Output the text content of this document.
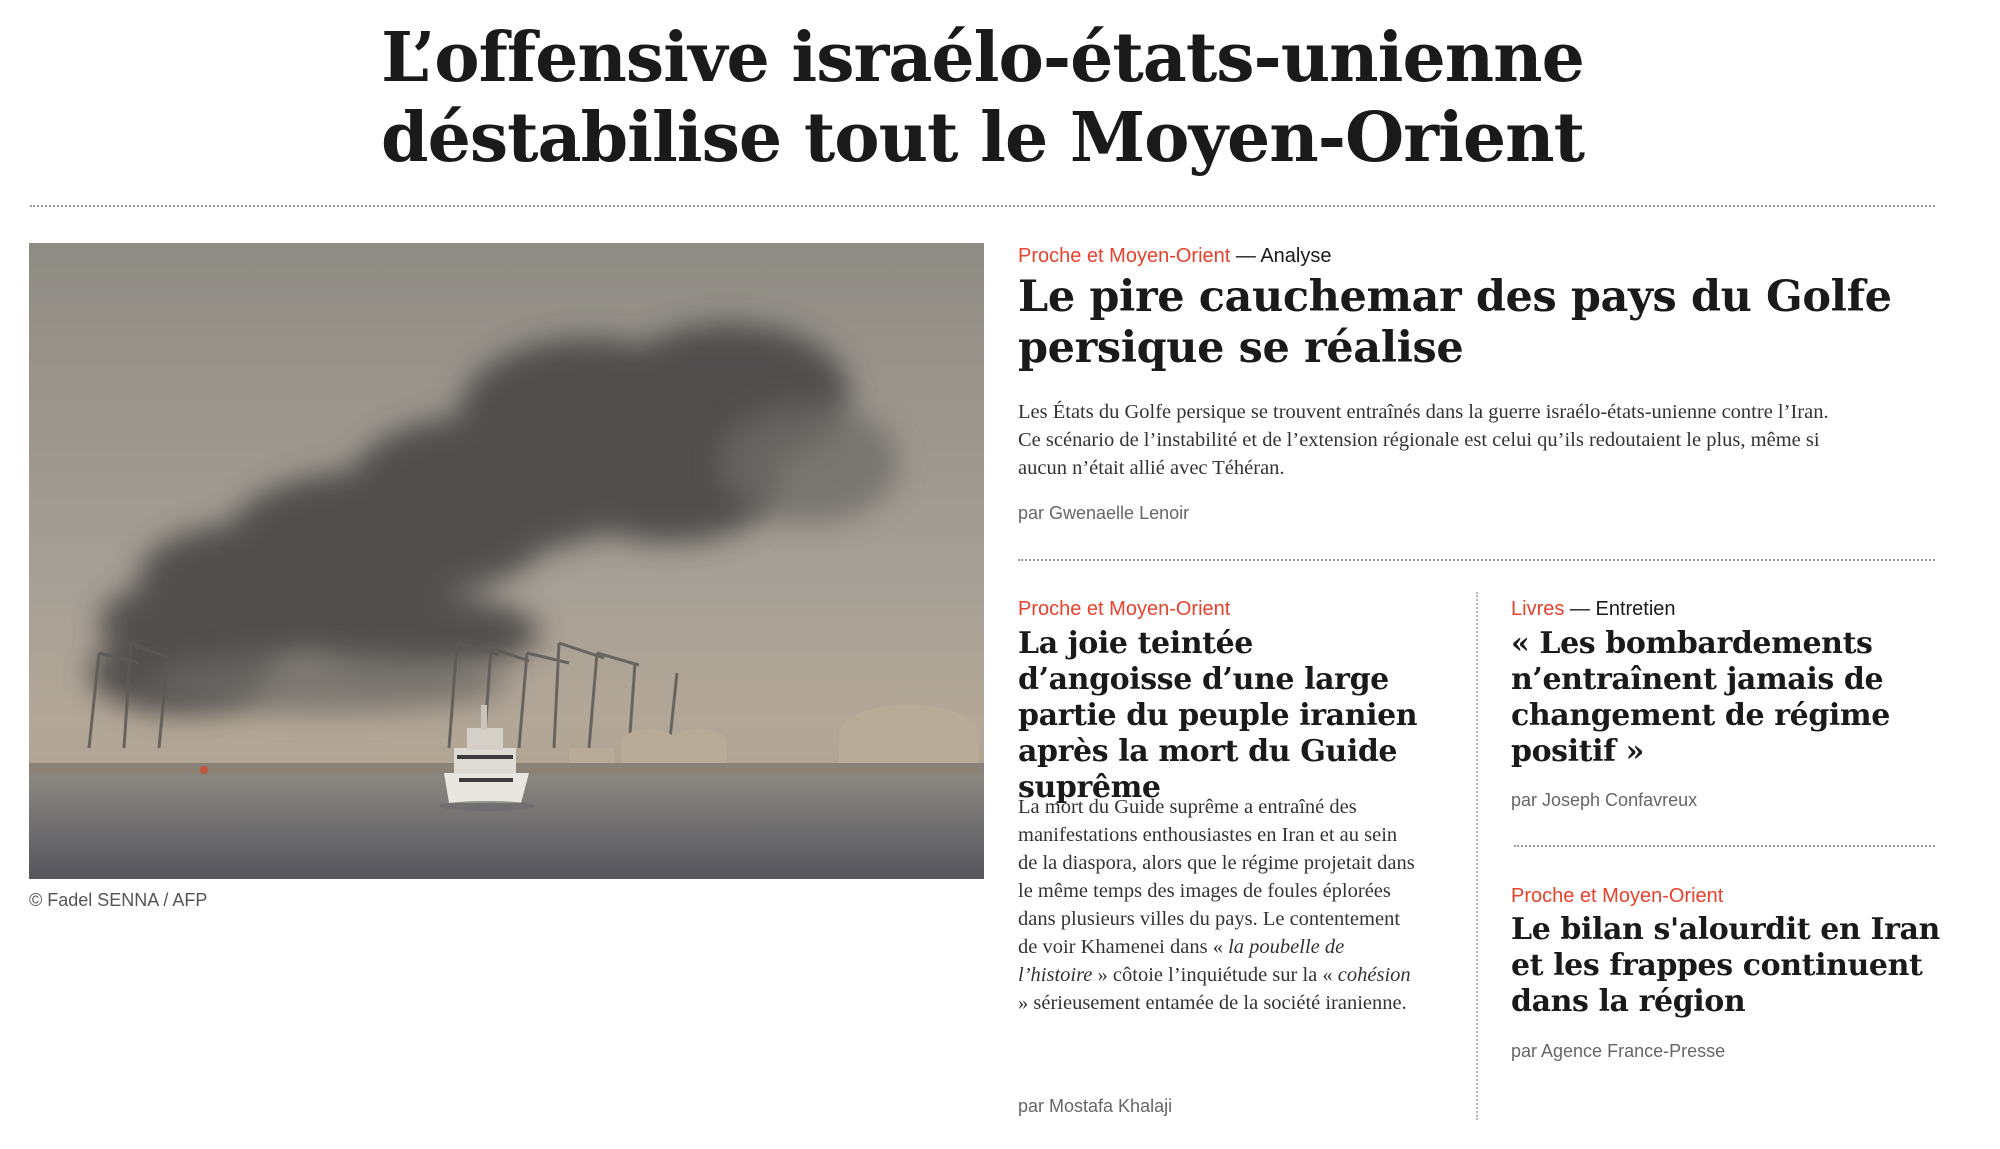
L’offensive israélo-états-unienne
déstabilise tout le Moyen-Orient
© Fadel SENNA / AFP
Proche et Moyen-Orient — Analyse
Le pire cauchemar des pays du Golfe persique se réalise
Les États du Golfe persique se trouvent entraînés dans la guerre israélo-états-unienne contre l’Iran. Ce scénario de l’instabilité et de l’extension régionale est celui qu’ils redoutaient le plus, même si aucun n’était allié avec Téhéran.
par Gwenaelle Lenoir
Proche et Moyen-Orient
La joie teintée d’angoisse d’une large partie du peuple iranien après la mort du Guide suprême
La mort du Guide suprême a entraîné des manifestations enthousiastes en Iran et au sein de la diaspora, alors que le régime projetait dans le même temps des images de foules éplorées dans plusieurs villes du pays. Le contentement de voir Khamenei dans « la poubelle de l’histoire » côtoie l’inquiétude sur la « cohésion » sérieusement entamée de la société iranienne.
par Mostafa Khalaji
Livres — Entretien
« Les bombardements n’entraînent jamais de changement de régime positif »
par Joseph Confavreux
Proche et Moyen-Orient
Le bilan s'alourdit en Iran et les frappes continuent dans la région
par Agence France-Presse
